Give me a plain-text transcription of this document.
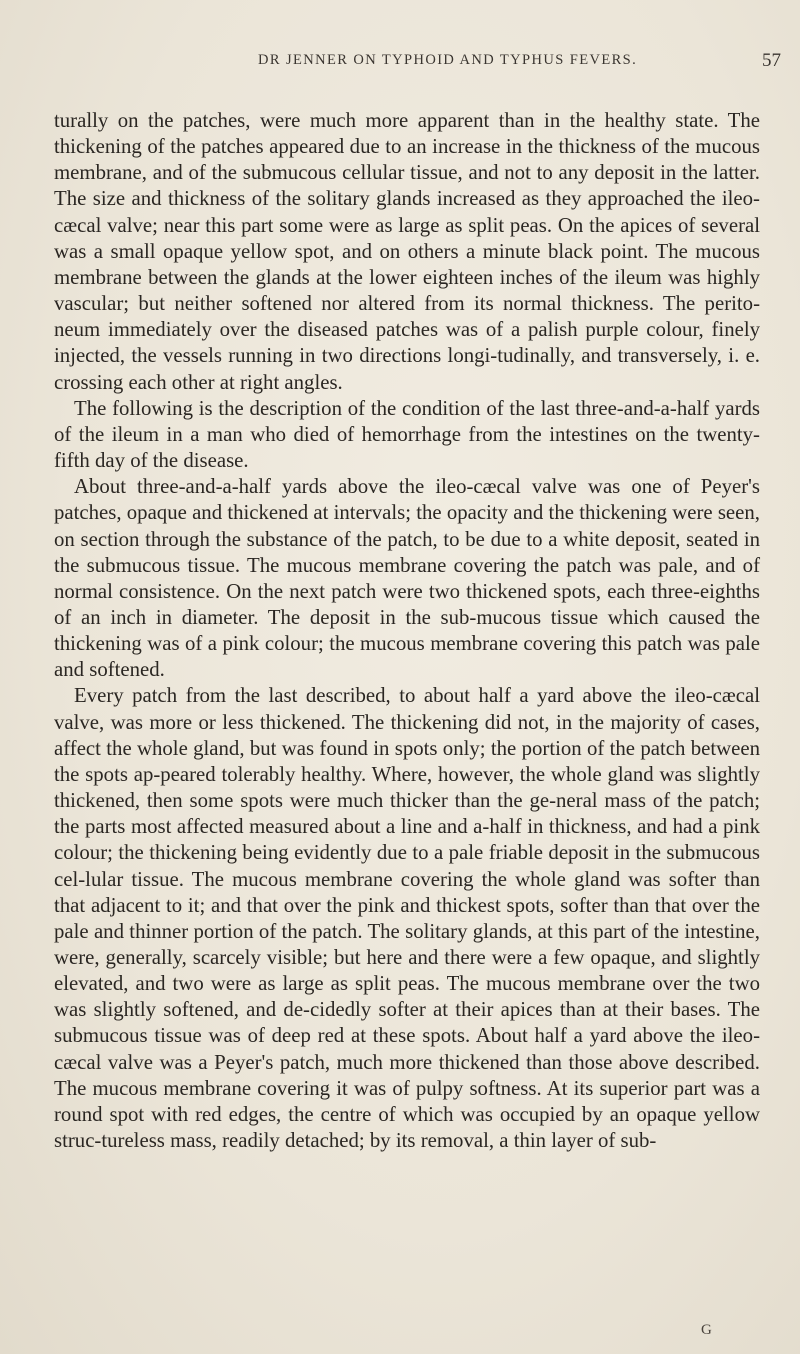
DR JENNER ON TYPHOID AND TYPHUS FEVERS.	57

turally on the patches, were much more apparent than in the healthy state. The thickening of the patches appeared due to an increase in the thickness of the mucous membrane, and of the submucous cellular tissue, and not to any deposit in the latter. The size and thickness of the solitary glands increased as they approached the ileo-cæcal valve; near this part some were as large as split peas. On the apices of several was a small opaque yellow spot, and on others a minute black point. The mucous membrane between the glands at the lower eighteen inches of the ileum was highly vascular; but neither softened nor altered from its normal thickness. The perito-neum immediately over the diseased patches was of a palish purple colour, finely injected, the vessels running in two directions longi-tudinally, and transversely, i. e. crossing each other at right angles.

The following is the description of the condition of the last three-and-a-half yards of the ileum in a man who died of hemorrhage from the intestines on the twenty-fifth day of the disease.

About three-and-a-half yards above the ileo-cæcal valve was one of Peyer's patches, opaque and thickened at intervals; the opacity and the thickening were seen, on section through the substance of the patch, to be due to a white deposit, seated in the submucous tissue. The mucous membrane covering the patch was pale, and of normal consistence. On the next patch were two thickened spots, each three-eighths of an inch in diameter. The deposit in the sub-mucous tissue which caused the thickening was of a pink colour; the mucous membrane covering this patch was pale and softened.

Every patch from the last described, to about half a yard above the ileo-cæcal valve, was more or less thickened. The thickening did not, in the majority of cases, affect the whole gland, but was found in spots only; the portion of the patch between the spots ap-peared tolerably healthy. Where, however, the whole gland was slightly thickened, then some spots were much thicker than the ge-neral mass of the patch; the parts most affected measured about a line and a-half in thickness, and had a pink colour; the thickening being evidently due to a pale friable deposit in the submucous cel-lular tissue. The mucous membrane covering the whole gland was softer than that adjacent to it; and that over the pink and thickest spots, softer than that over the pale and thinner portion of the patch. The solitary glands, at this part of the intestine, were, generally, scarcely visible; but here and there were a few opaque, and slightly elevated, and two were as large as split peas. The mucous membrane over the two was slightly softened, and de-cidedly softer at their apices than at their bases. The submucous tissue was of deep red at these spots. About half a yard above the ileo-cæcal valve was a Peyer's patch, much more thickened than those above described. The mucous membrane covering it was of pulpy softness. At its superior part was a round spot with red edges, the centre of which was occupied by an opaque yellow struc-tureless mass, readily detached; by its removal, a thin layer of sub-

G
